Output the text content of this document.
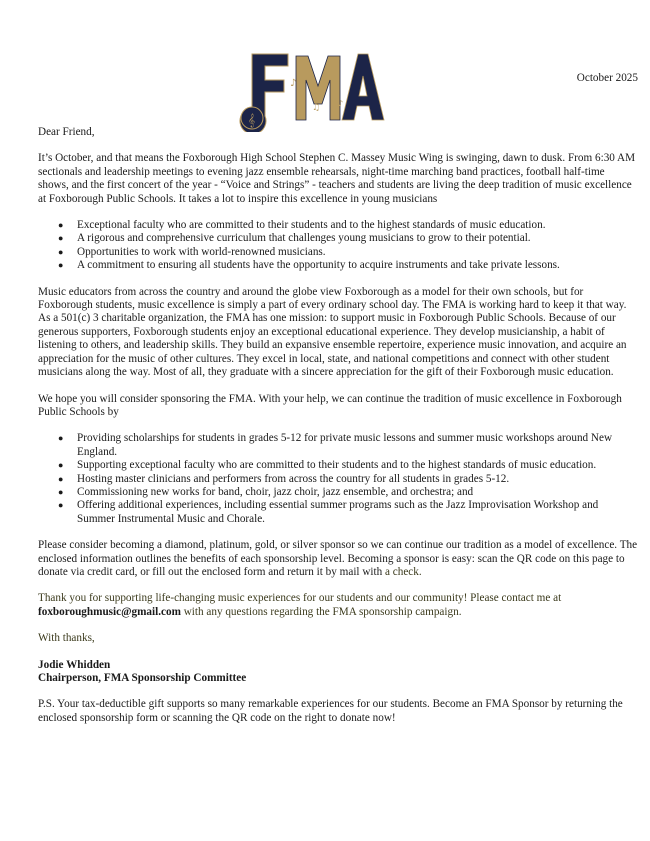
𝄞
♪
♫ ♪
October 2025

Dear Friend,

It’s October, and that means the Foxborough High School Stephen C. Massey Music Wing is swinging, dawn to dusk. From 6:30 AM sectionals and leadership meetings to evening jazz ensemble rehearsals, night-time marching band practices, football half-time shows, and the first concert of the year - “Voice and Strings” - teachers and students are living the deep tradition of music excellence at Foxborough Public Schools. It takes a lot to inspire this excellence in young musicians

● Exceptional faculty who are committed to their students and to the highest standards of music education.
● A rigorous and comprehensive curriculum that challenges young musicians to grow to their potential.
● Opportunities to work with world-renowned musicians.
● A commitment to ensuring all students have the opportunity to acquire instruments and take private lessons.

Music educators from across the country and around the globe view Foxborough as a model for their own schools, but for Foxborough students, music excellence is simply a part of every ordinary school day. The FMA is working hard to keep it that way. As a 501(c) 3 charitable organization, the FMA has one mission: to support music in Foxborough Public Schools. Because of our generous supporters, Foxborough students enjoy an exceptional educational experience. They develop musicianship, a habit of listening to others, and leadership skills. They build an expansive ensemble repertoire, experience music innovation, and acquire an appreciation for the music of other cultures. They excel in local, state, and national competitions and connect with other student musicians along the way. Most of all, they graduate with a sincere appreciation for the gift of their Foxborough music education.

We hope you will consider sponsoring the FMA. With your help, we can continue the tradition of music excellence in Foxborough Public Schools by

● Providing scholarships for students in grades 5-12 for private music lessons and summer music workshops around New England.
● Supporting exceptional faculty who are committed to their students and to the highest standards of music education.
● Hosting master clinicians and performers from across the country for all students in grades 5-12.
● Commissioning new works for band, choir, jazz choir, jazz ensemble, and orchestra; and
● Offering additional experiences, including essential summer programs such as the Jazz Improvisation Workshop and Summer Instrumental Music and Chorale.

Please consider becoming a diamond, platinum, gold, or silver sponsor so we can continue our tradition as a model of excellence. The enclosed information outlines the benefits of each sponsorship level. Becoming a sponsor is easy: scan the QR code on this page to donate via credit card, or fill out the enclosed form and return it by mail with a check.

Thank you for supporting life-changing music experiences for our students and our community! Please contact me at foxboroughmusic@gmail.com with any questions regarding the FMA sponsorship campaign.

With thanks,

Jodie Whidden

Chairperson, FMA Sponsorship Committee

P.S. Your tax-deductible gift supports so many remarkable experiences for our students. Become an FMA Sponsor by returning the enclosed sponsorship form or scanning the QR code on the right to donate now!
